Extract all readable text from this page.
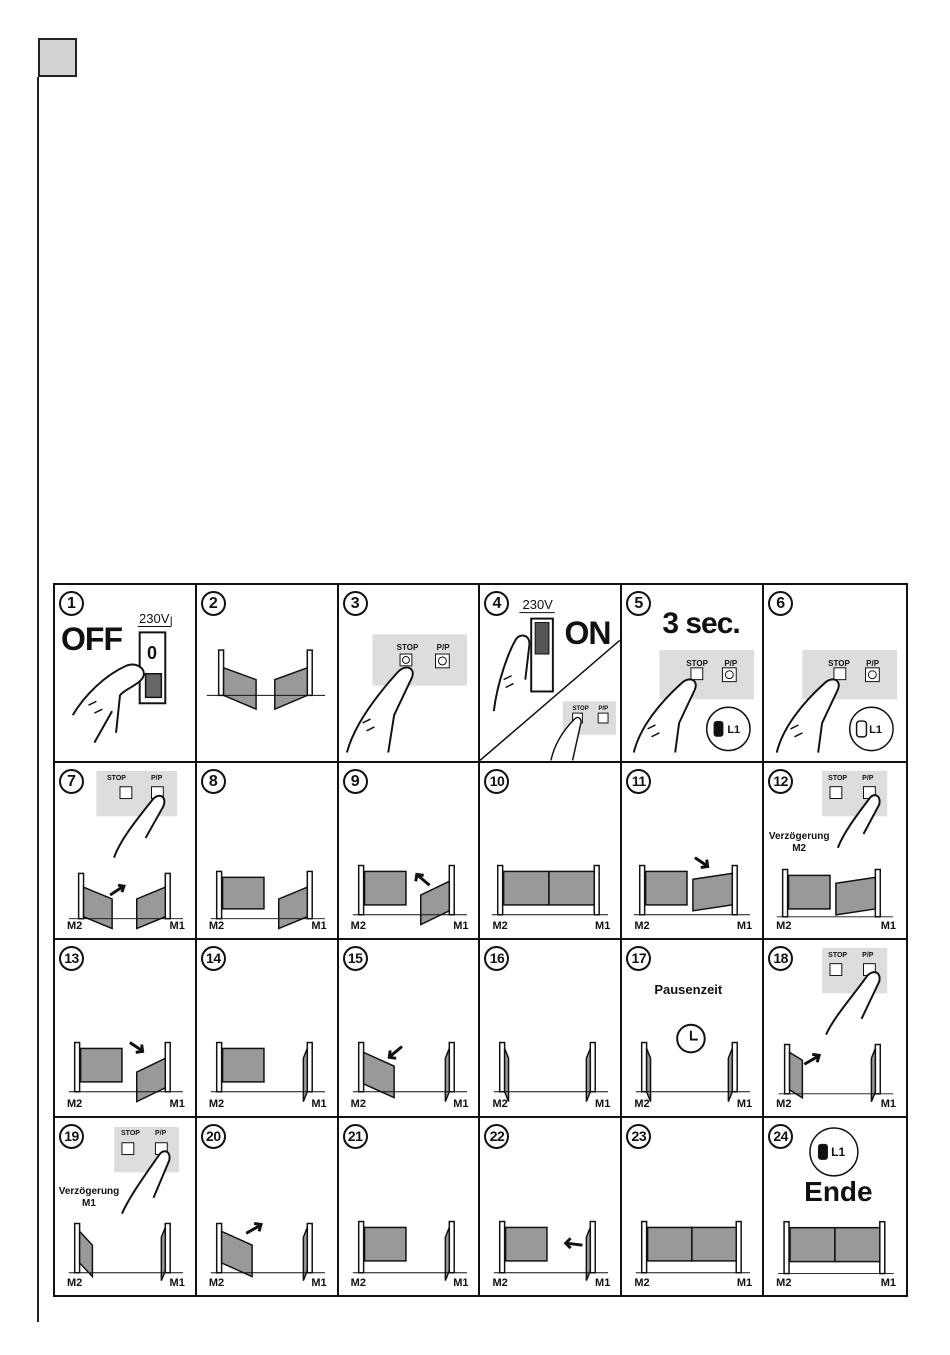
1
OFF
230V
0
2	3
STOP P/P
4	230V
ON
STOP P/P
5
3 sec.
STOP P/P
L1
6
STOP P/P
L1
7	STOP	P/P
M2	M1
8
M2	M1
9
M2	M1
10
M2	M1
11
M2	M1
12	STOP P/P
Verzögerung
M2
M2	M1
13
M2	M1
14
M2	M1
15
M2	M1
16
M2	M1
17
Pausenzeit
M2	M1
18	STOP P/P
M2	M1
19	STOP P/P
Verzögerung
M1
M2	M1
20
M2	M1
21
M2	M1
22
M2	M1
23
M2	M1
24
Ende
L1
M2	M1
